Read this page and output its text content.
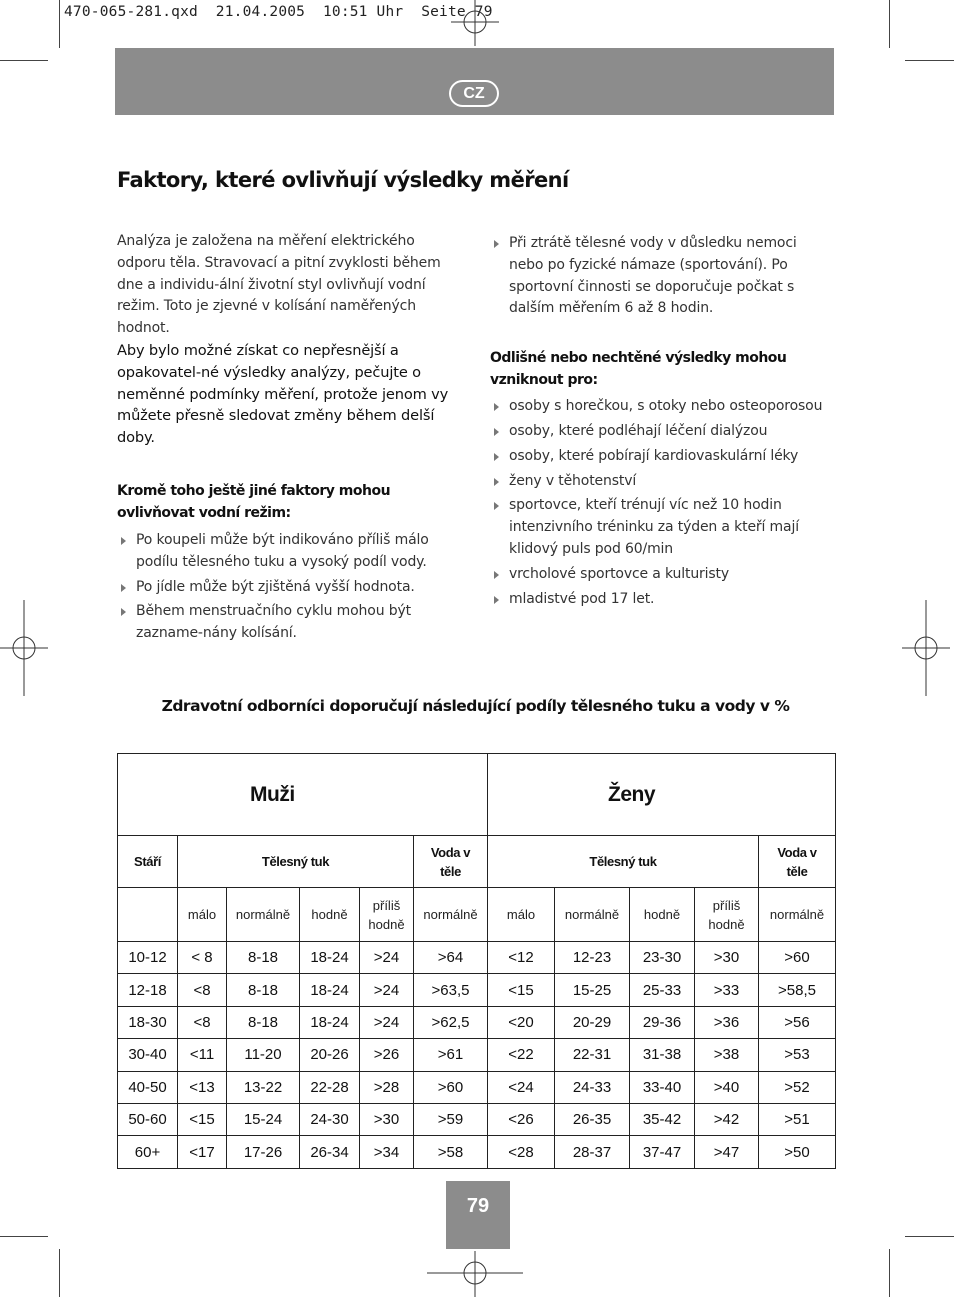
470-065-281.qxd  21.04.2005  10:51 Uhr  Seite 79
CZ
Faktory, které ovlivňují výsledky měření

Analýza je založena na měření elektrického odporu těla. Stravovací a pitní zvyklosti během dne a individu-ální životní styl ovlivňují vodní režim. Toto je zjevné v kolísání naměřených hodnot.

Aby bylo možné získat co nepřesnější a opakovatel-né výsledky analýzy, pečujte o neměnné podmínky měření, protože jenom vy můžete přesně sledovat změny během delší doby.

Kromě toho ještě jiné faktory mohou ovlivňovat vodní režim:
Po koupeli může být indikováno příliš málo podílu tělesného tuku a vysoký podíl vody.
Po jídle může být zjištěná vyšší hodnota.
Během menstruačního cyklu mohou být zazname-nány kolísání.
Při ztrátě tělesné vody v důsledku nemoci nebo po fyzické námaze (sportování). Po sportovní činnosti se doporučuje počkat s dalším měřením 6 až 8 hodin.
Odlišné nebo nechtěné výsledky mohou vzniknout pro:
osoby s horečkou, s otoky nebo osteoporosou
osoby, které podléhají léčení dialýzou
osoby, které pobírají kardiovaskulární léky
ženy v těhotenství
sportovce, kteří trénují víc než 10 hodin intenzivního tréninku za týden a kteří mají klidový puls pod 60/min
vrcholové sportovce a kulturisty
mladistvé pod 17 let.
Zdravotní odborníci doporučují následující podíly tělesného tuku a vody v %
Muži						Ženy				
Stáří	Tělesný tuk				Voda v těle	Tělesný tuk				Voda v těle
	málo	normálně	hodně	příliš hodně	normálně	málo	normálně	hodně	příliš hodně	normálně
10-12	< 8	8-18	18-24	>24	>64	<12	12-23	23-30	>30	>60
12-18	<8	8-18	18-24	>24	>63,5	<15	15-25	25-33	>33	>58,5
18-30	<8	8-18	18-24	>24	>62,5	<20	20-29	29-36	>36	>56
30-40	<11	11-20	20-26	>26	>61	<22	22-31	31-38	>38	>53
40-50	<13	13-22	22-28	>28	>60	<24	24-33	33-40	>40	>52
50-60	<15	15-24	24-30	>30	>59	<26	26-35	35-42	>42	>51
60+	<17	17-26	26-34	>34	>58	<28	28-37	37-47	>47	>50
79
